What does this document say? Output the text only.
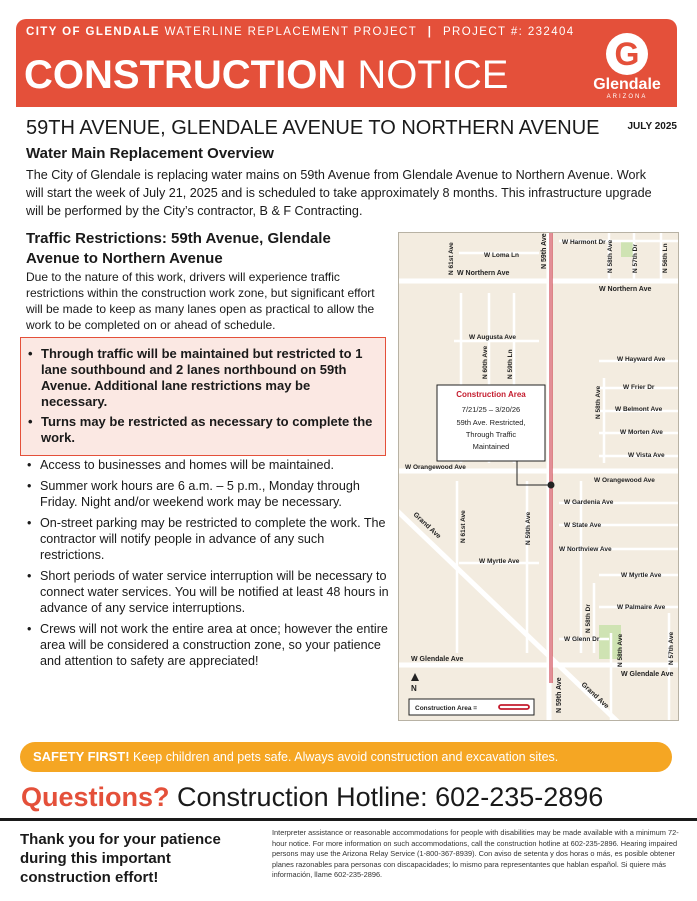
CITY OF GLENDALE WATERLINE REPLACEMENT PROJECT | PROJECT #: 232404
CONSTRUCTION NOTICE	G
Glendale
ARIZONA
59TH AVENUE, GLENDALE AVENUE TO NORTHERN AVENUE	JULY 2025
Water Main Replacement Overview
The City of Glendale is replacing water mains on 59th Avenue from Glendale Avenue to Northern Avenue. Work will start the week of July 21, 2025 and is scheduled to take approximately 8 months. This infrastructure upgrade will be performed by the City’s contractor, B & F Contracting.
Traffic Restrictions: 59th Avenue, Glendale Avenue to Northern Avenue
Due to the nature of this work, drivers will experience traffic restrictions within the construction work zone, but significant effort will be made to keep as many lanes open as practical to allow the work to be completed on or ahead of schedule.
• Through traffic will be maintained but restricted to 1 lane southbound and 2 lanes northbound on 59th Avenue. Additional lane restrictions may be necessary.
• Turns may be restricted as necessary to complete the work.
• Access to businesses and homes will be maintained.
• Summer work hours are 6 a.m. – 5 p.m., Monday through Friday. Night and/or weekend work may be necessary.
• On-street parking may be restricted to complete the work. The contractor will notify people in advance of any such restrictions.
• Short periods of water service interruption will be necessary to connect water services. You will be notified at least 48 hours in advance of any service interruptions.
• Crews will not work the entire area at once; however the entire area will be considered a construction zone, so your patience and attention to safety are appreciated!
Construction Area
7/21/25 – 3/20/26
59th Ave. Restricted,
Through Traffic
Maintained
W Loma Ln
W Harmont Dr
W Northern Ave
W Northern Ave
W Augusta Ave
W Hayward Ave
W Frier Dr
W Belmont Ave
W Morten Ave
W Vista Ave
W Orangewood Ave
W Orangewood Ave
W Gardenia Ave
W State Ave
W Northview Ave
W Myrtle Ave
W Myrtle Ave
W Palmaire Ave
W Glenn Dr
W Glendale Ave
W Glendale Ave
Grand Ave
Grand Ave
N 61st Ave
N 61st Ave
N 60th Ave	N 59th Ln
N 59th Ave
N 59th Ave
N 59th Ave
N 58th Ave
N 58th Ave
N 58th Ave
N 58th Dr
N 57th Dr
N 57th Ave
N 56th Ln
N
Construction Area =
SAFETY FIRST! Keep children and pets safe. Always avoid construction and excavation sites.
Questions? Construction Hotline: 602-235-2896
Thank you for your patience during this important construction effort!
Interpreter assistance or reasonable accommodations for people with disabilities may be made available with a minimum 72-hour notice. For more information on such accommodations, call the construction hotline at 602-235-2896. Hearing impaired persons may use the Arizona Relay Service (1-800-367-8939). Con aviso de setenta y dos horas o más, es posible obtener planes razonables para personas con discapacidades; lo mismo para representantes que hablan español. Si quiere más información, llame 602-235-2896.
